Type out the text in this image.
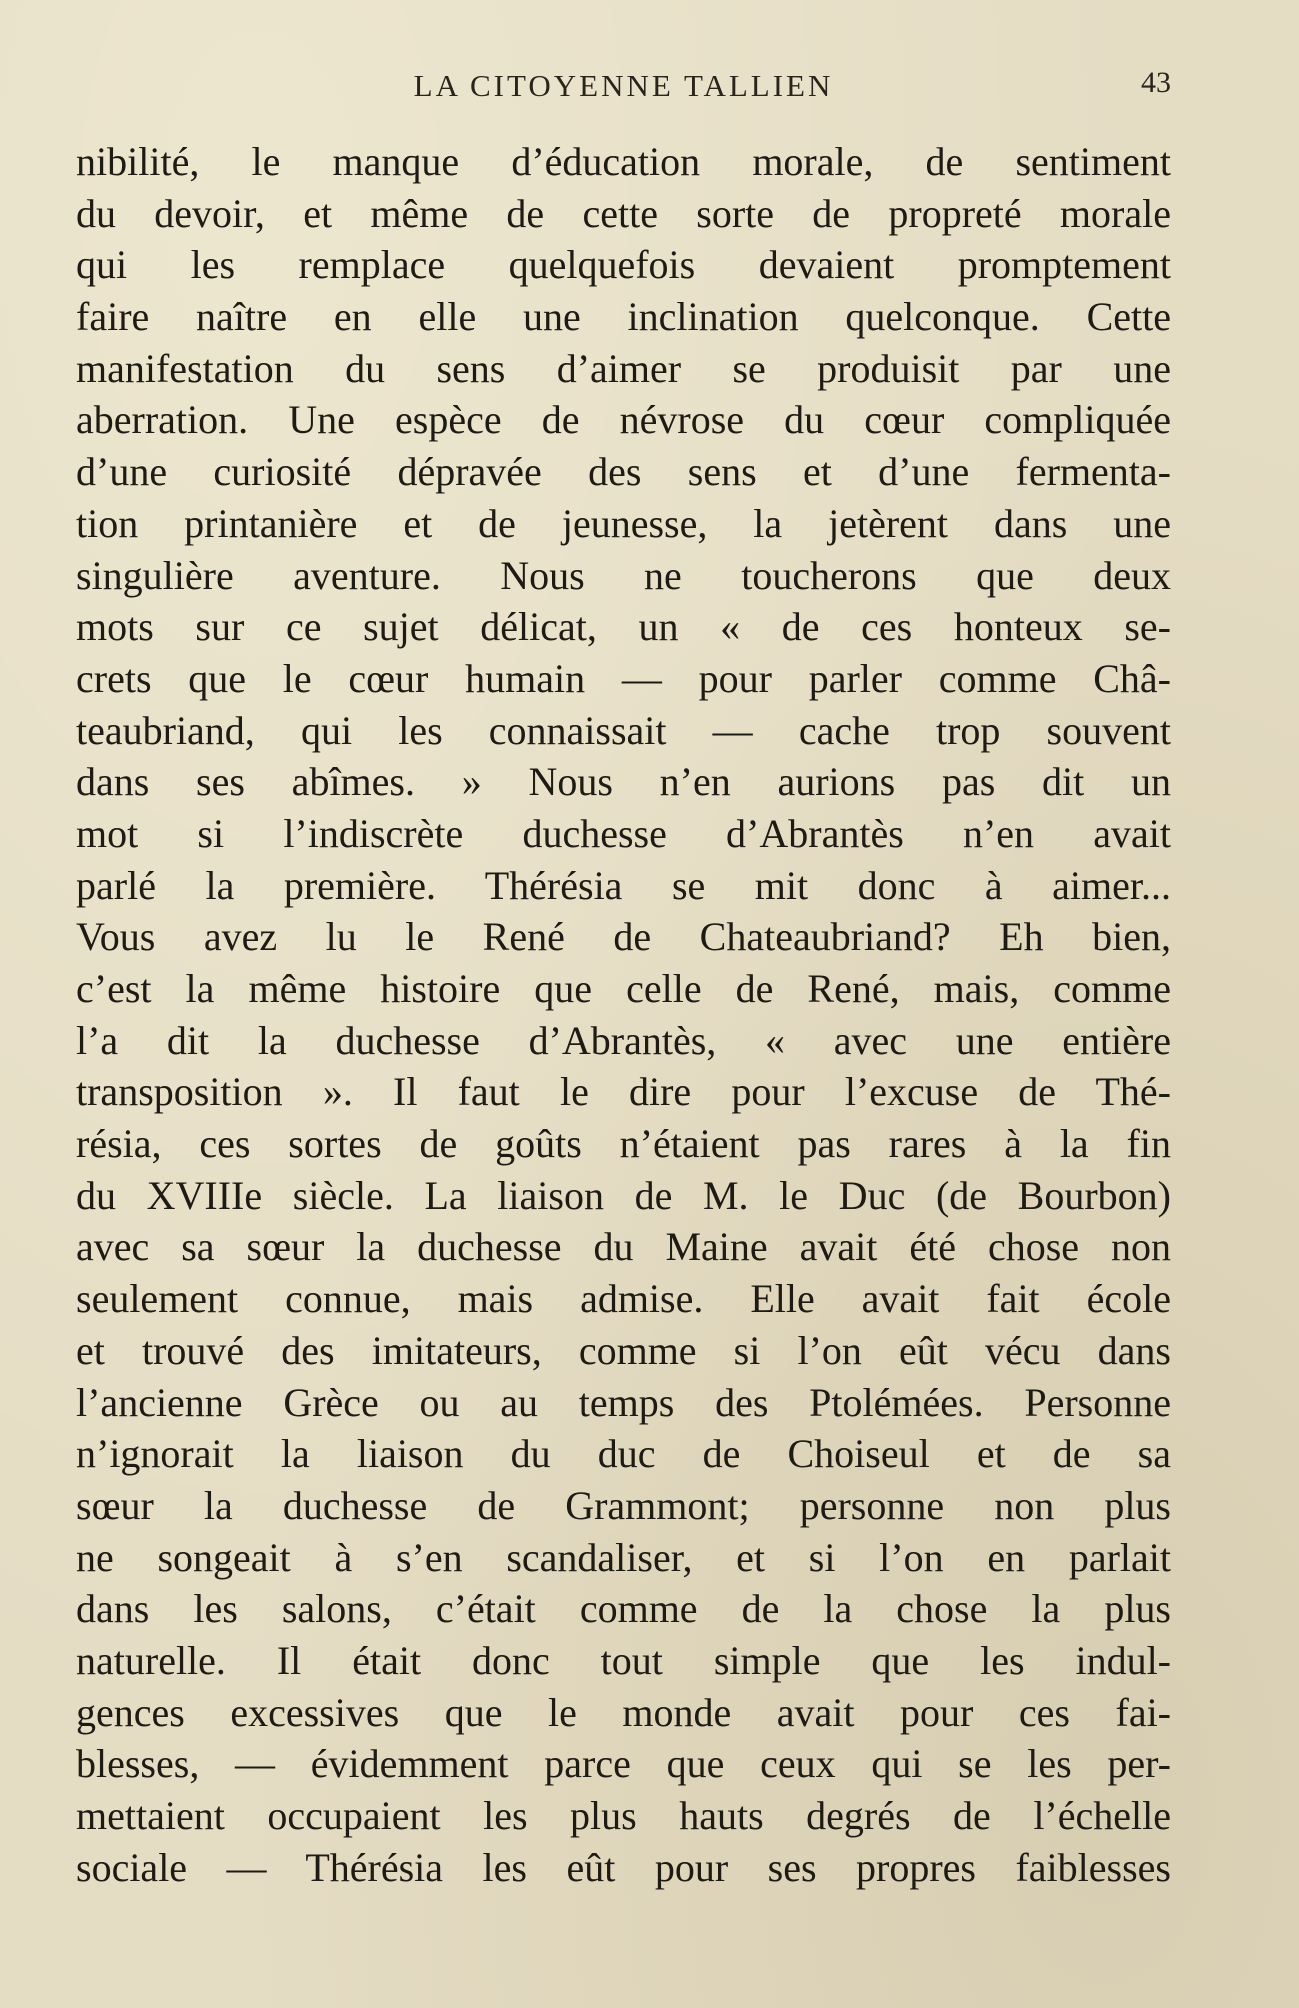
LA CITOYENNE TALLIEN	43
nibilité, le manque d’éducation morale, de sentiment
du devoir, et même de cette sorte de propreté morale
qui les remplace quelquefois devaient promptement
faire naître en elle une inclination quelconque. Cette
manifestation du sens d’aimer se produisit par une
aberration. Une espèce de névrose du cœur compliquée
d’une curiosité dépravée des sens et d’une fermenta-
tion printanière et de jeunesse, la jetèrent dans une
singulière aventure. Nous ne toucherons que deux
mots sur ce sujet délicat, un « de ces honteux se-
crets que le cœur humain — pour parler comme Châ-
teaubriand, qui les connaissait — cache trop souvent
dans ses abîmes. » Nous n’en aurions pas dit un
mot si l’indiscrète duchesse d’Abrantès n’en avait
parlé la première. Thérésia se mit donc à aimer...
Vous avez lu le René de Chateaubriand? Eh bien,
c’est la même histoire que celle de René, mais, comme
l’a dit la duchesse d’Abrantès, « avec une entière
transposition ». Il faut le dire pour l’excuse de Thé-
résia, ces sortes de goûts n’étaient pas rares à la fin
du XVIIIe siècle. La liaison de M. le Duc (de Bourbon)
avec sa sœur la duchesse du Maine avait été chose non
seulement connue, mais admise. Elle avait fait école
et trouvé des imitateurs, comme si l’on eût vécu dans
l’ancienne Grèce ou au temps des Ptolémées. Personne
n’ignorait la liaison du duc de Choiseul et de sa
sœur la duchesse de Grammont; personne non plus
ne songeait à s’en scandaliser, et si l’on en parlait
dans les salons, c’était comme de la chose la plus
naturelle. Il était donc tout simple que les indul-
gences excessives que le monde avait pour ces fai-
blesses, — évidemment parce que ceux qui se les per-
mettaient occupaient les plus hauts degrés de l’échelle
sociale — Thérésia les eût pour ses propres faiblesses
